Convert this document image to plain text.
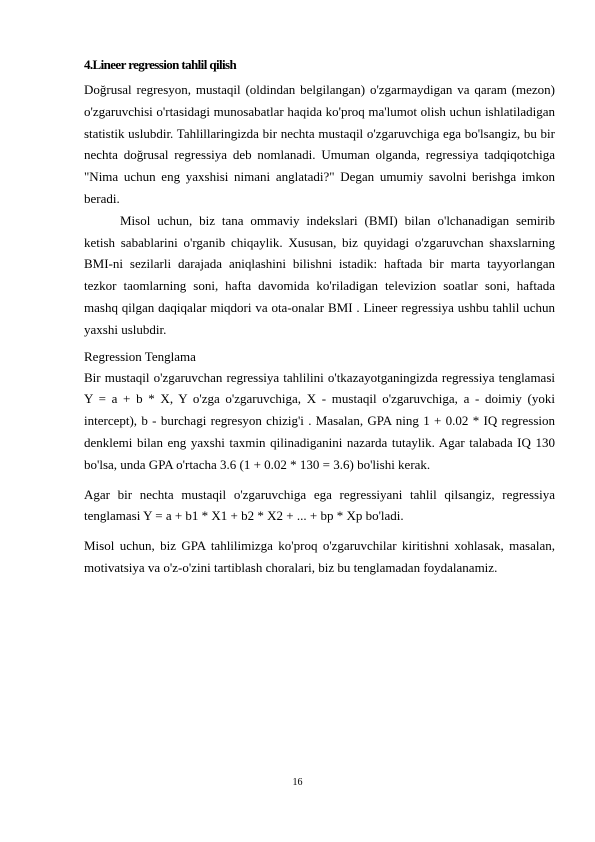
4.Lineer regression tahlil qilish

Doğrusal regresyon, mustaqil (oldindan belgilangan) o'zgarmaydigan va qaram (mezon) o'zgaruvchisi o'rtasidagi munosabatlar haqida ko'proq ma'lumot olish uchun ishlatiladigan statistik uslubdir. Tahlillaringizda bir nechta mustaqil o'zgaruvchiga ega bo'lsangiz, bu bir nechta doğrusal regressiya deb nomlanadi. Umuman olganda, regressiya tadqiqotchiga "Nima uchun eng yaxshisi nimani anglatadi?" Degan umumiy savolni berishga imkon beradi.

Misol uchun, biz tana ommaviy indekslari (BMI) bilan o'lchanadigan semirib ketish sabablarini o'rganib chiqaylik. Xususan, biz quyidagi o'zgaruvchan shaxslarning BMI-ni sezilarli darajada aniqlashini bilishni istadik: haftada bir marta tayyorlangan tezkor taomlarning soni, hafta davomida ko'riladigan televizion soatlar soni, haftada mashq qilgan daqiqalar miqdori va ota-onalar BMI . Lineer regressiya ushbu tahlil uchun yaxshi uslubdir.

Regression Tenglama

Bir mustaqil o'zgaruvchan regressiya tahlilini o'tkazayotganingizda regressiya tenglamasi Y = a + b * X, Y o'zga o'zgaruvchiga, X - mustaqil o'zgaruvchiga, a - doimiy (yoki intercept), b - burchagi regresyon chizig'i . Masalan, GPA ning 1 + 0.02 * IQ regression denklemi bilan eng yaxshi taxmin qilinadiganini nazarda tutaylik. Agar talabada IQ 130 bo'lsa, unda GPA o'rtacha 3.6 (1 + 0.02 * 130 = 3.6) bo'lishi kerak.

Agar bir nechta mustaqil o'zgaruvchiga ega regressiyani tahlil qilsangiz, regressiya tenglamasi Y = a + b1 * X1 + b2 * X2 + ... + bp * Xp bo'ladi.

Misol uchun, biz GPA tahlilimizga ko'proq o'zgaruvchilar kiritishni xohlasak, masalan, motivatsiya va o'z-o'zini tartiblash choralari, biz bu tenglamadan foydalanamiz.

16
